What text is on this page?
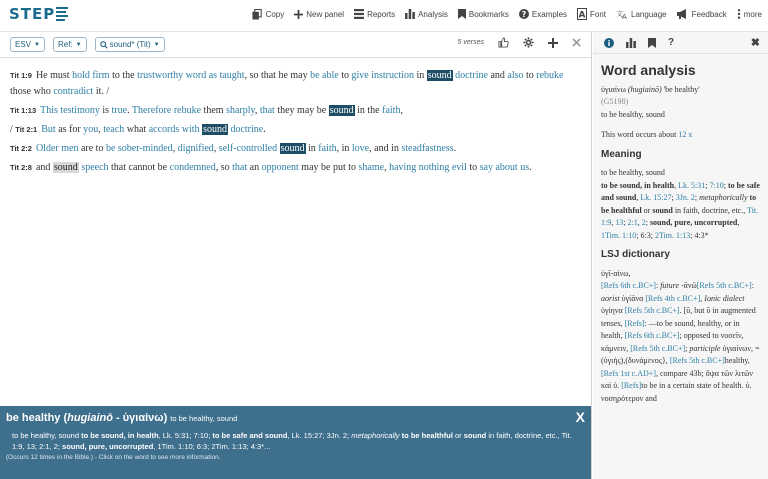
STEP	Copy	New panel	Reports	Analysis	Bookmarks ? Examples A Font 文 A Language	Feedback more
ESV ▼ Ref: ▼	sound* (Tit) ▼	5 verses
Tit 1:9 He must hold firm to the trustworthy word as taught, so that he may be able to give instruction in sound doctrine and also to rebuke those who contradict it. /
Tit 1:13 This testimony is true. Therefore rebuke them sharply, that they may be sound in the faith,
/ Tit 2:1 But as for you, teach what accords with sound doctrine.
Tit 2:2 Older men are to be sober-minded, dignified, self-controlled sound in faith, in love, and in steadfastness.
Tit 2:8 and sound speech that cannot be condemned, so that an opponent may be put to shame, having nothing evil to say about us.
be healthy (hugiainō - ὑγιαίνω) to be healthy, sound	X
to be healthy, sound to be sound, in health, Lk. 5:31; 7:10; to be safe and sound, Lk. 15:27; 3Jn. 2; metaphorically to be healthful or sound in faith, doctrine, etc., Tit. 1:9, 13; 2:1, 2; sound, pure, uncorrupted, 1Tim. 1:10; 6:3; 2Tim. 1:13; 4:3*...
(Occurs 12 times in the Bible.) - Click on the word to see more information.
?	✖
Word analysis
ὑγιαίνω (hugiainō) 'be healthy'
(G5198)
to be healthy, sound
This word occurs about 12 x
Meaning
to be healthy, sound
to be sound, in health, Lk. 5:31; 7:10; to be safe and sound, Lk. 15:27; 3Jn. 2; metaphorically to be healthful or sound in faith, doctrine, etc., Tit. 1:9, 13; 2:1, 2; sound, pure, uncorrupted, 1Tim. 1:10; 6:3; 2Tim. 1:13; 4:3*
LSJ dictionary
ὑγῐ-αίνω,
[Refs 6th c.BC+]: future -ᾰνῶ[Refs 5th c.BC+]: aorist ὑγίᾶνα [Refs 4th c.BC+], Ionic dialect ὑγίηνα [Refs 5th c.BC+]. [ῡ, but ῠ in augmented tenses, [Refs]: —to be sound, healthy, or in health, [Refs 6th c.BC+]; opposed to νοσεῖν, κάμνειν, [Refs 5th c.BC+]; participle ὑγιαίνων, =(ὑγιής),(δυνάμενος}, [Refs 5th c.BC+]healthy, [Refs 1st c.AD+], compare 43b; ὅψα τῶν λιτῶν καὶ ὑ. [Refs]to be in a certain state of health. ὑ. νοσηρότερον and
